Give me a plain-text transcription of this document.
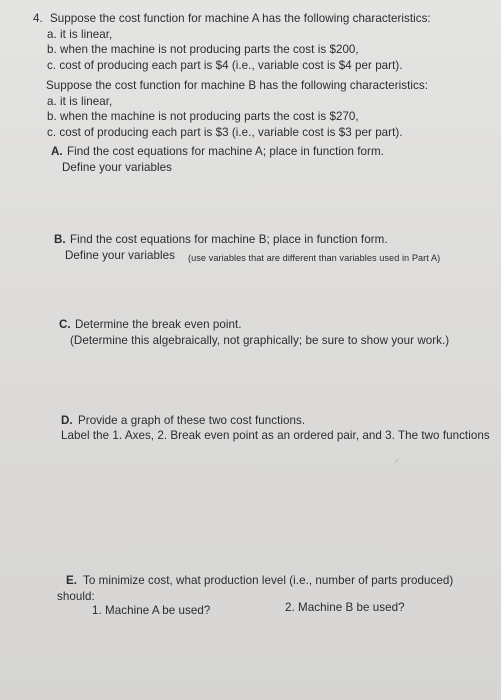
4. Suppose the cost function for machine A has the following characteristics:
a. it is linear,
b. when the machine is not producing parts the cost is $200,
c. cost of producing each part is $4 (i.e., variable cost is $4 per part).
Suppose the cost function for machine B has the following characteristics:
a. it is linear,
b. when the machine is not producing parts the cost is $270,
c. cost of producing each part is $3 (i.e., variable cost is $3 per part).
A. Find the cost equations for machine A; place in function form.
Define your variables
B. Find the cost equations for machine B; place in function form.
Define your variables (use variables that are different than variables used in Part A)
C. Determine the break even point.
(Determine this algebraically, not graphically; be sure to show your work.)
D. Provide a graph of these two cost functions.
Label the 1. Axes, 2. Break even point as an ordered pair, and 3. The two functions
E. To minimize cost, what production level (i.e., number of parts produced)
should:
1. Machine A be used?	2. Machine B be used?
